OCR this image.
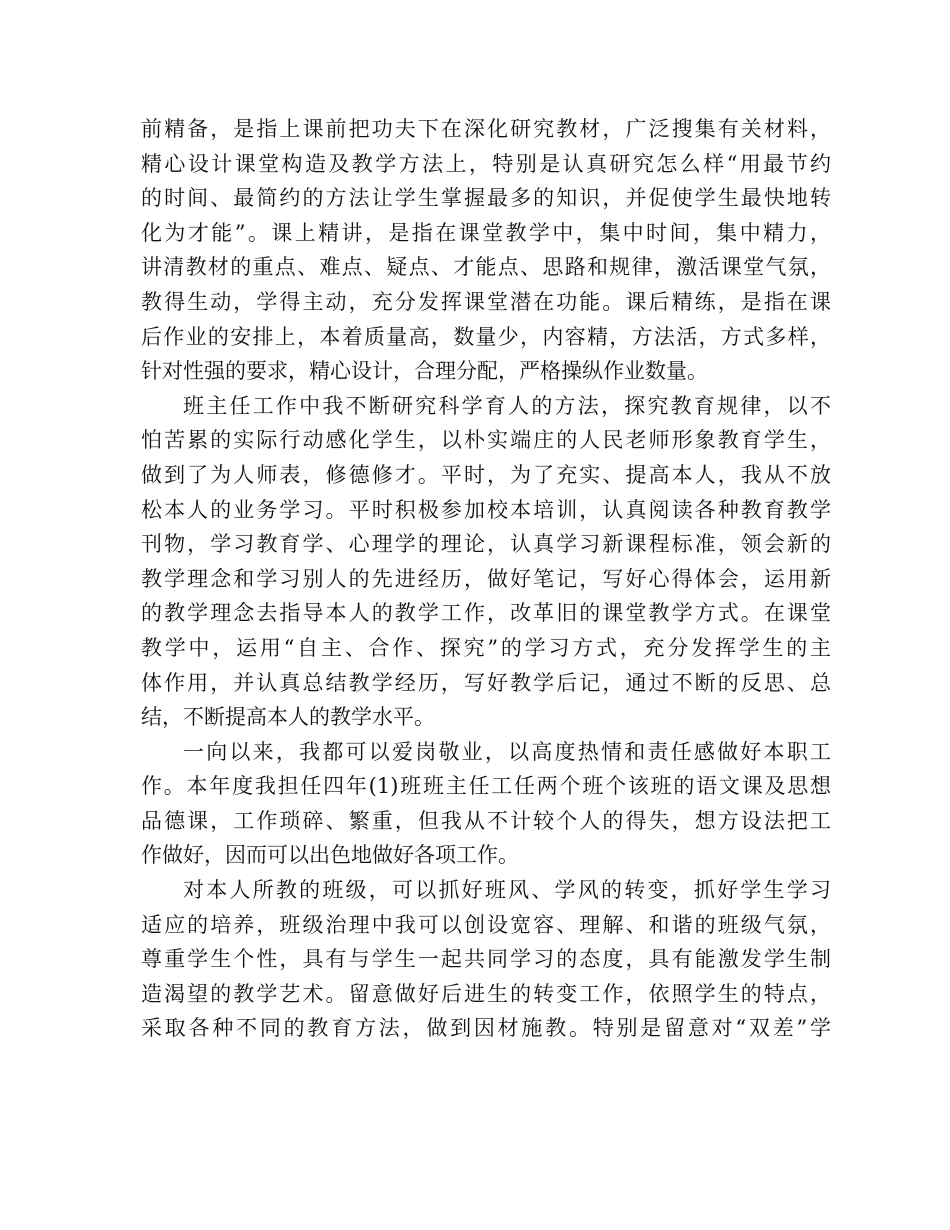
前精备，是指上课前把功夫下在深化研究教材，广泛搜集有关材料，
精心设计课堂构造及教学方法上，特别是认真研究怎么样“用最节约
的时间、最简约的方法让学生掌握最多的知识，并促使学生最快地转
化为才能”。课上精讲，是指在课堂教学中，集中时间，集中精力，
讲清教材的重点、难点、疑点、才能点、思路和规律，激活课堂气氛，
教得生动，学得主动，充分发挥课堂潜在功能。课后精练，是指在课
后作业的安排上，本着质量高，数量少，内容精，方法活，方式多样，
针对性强的要求，精心设计，合理分配，严格操纵作业数量。
班主任工作中我不断研究科学育人的方法，探究教育规律，以不
怕苦累的实际行动感化学生，以朴实端庄的人民老师形象教育学生，
做到了为人师表，修德修才。平时，为了充实、提高本人，我从不放
松本人的业务学习。平时积极参加校本培训，认真阅读各种教育教学
刊物，学习教育学、心理学的理论，认真学习新课程标准，领会新的
教学理念和学习别人的先进经历，做好笔记，写好心得体会，运用新
的教学理念去指导本人的教学工作，改革旧的课堂教学方式。在课堂
教学中，运用“自主、合作、探究”的学习方式，充分发挥学生的主
体作用，并认真总结教学经历，写好教学后记，通过不断的反思、总
结，不断提高本人的教学水平。
一向以来，我都可以爱岗敬业，以高度热情和责任感做好本职工
作。本年度我担任四年(1)班班主任工任两个班个该班的语文课及思想
品德课，工作琐碎、繁重，但我从不计较个人的得失，想方设法把工
作做好，因而可以出色地做好各项工作。
对本人所教的班级，可以抓好班风、学风的转变，抓好学生学习
适应的培养，班级治理中我可以创设宽容、理解、和谐的班级气氛，
尊重学生个性，具有与学生一起共同学习的态度，具有能激发学生制
造渴望的教学艺术。留意做好后进生的转变工作，依照学生的特点，
采取各种不同的教育方法，做到因材施教。特别是留意对“双差”学
